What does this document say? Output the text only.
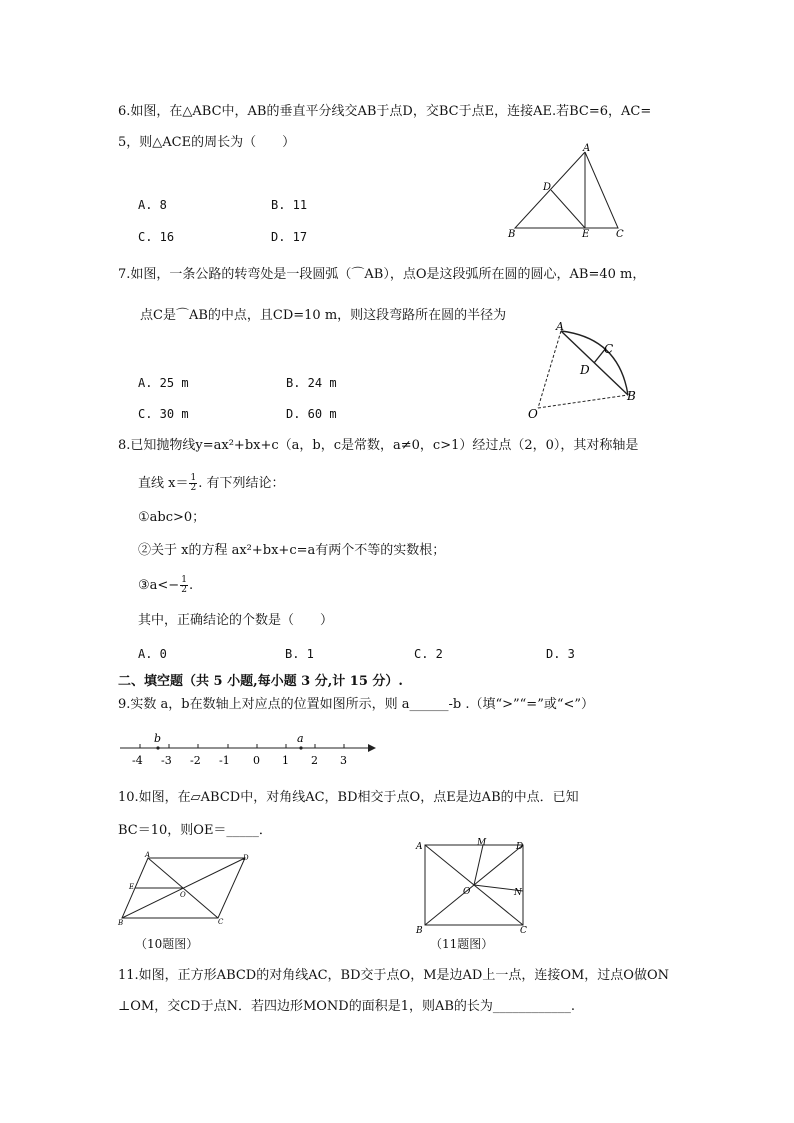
6.如图，在△ABC中，AB的垂直平分线交AB于点D，交BC于点E，连接AE.若BC=6，AC=
5，则△ACE的周长为（　　）
A. 8	B. 11
C. 16	D. 17
A
B	C
D
E
7.如图，一条公路的转弯处是一段圆弧（⌒AB），点O是这段弧所在圆的圆心，AB=40 m，
点C是⌒AB的中点，且CD=10 m，则这段弯路所在圆的半径为
A. 25 m	B. 24 m
C. 30 m	D. 60 m
A
C
D
B
O
8.已知抛物线y=ax²+bx+c（a，b，c是常数，a≠0，c>1）经过点（2，0），其对称轴是
直线 $x= \frac{1}{2}$ . 有下列结论：
①abc>0；
②关于 x的方程 ax²+bx+c=a有两个不等的实数根；
③a<− $\frac{1}{2}$ .
其中，正确结论的个数是（　　）
A. 0	B. 1	C. 2	D. 3
二、填空题（共 5 小题,每小题 3 分,计 15 分）.
9.实数 a，b在数轴上对应点的位置如图所示，则 a______-b .（填“>”“=”或“<”）
b	a
-4 -3 -2 -1 0 1 2 3
10.如图，在▱ABCD中，对角线AC，BD相交于点O，点E是边AB的中点．已知
BC＝10，则OE＝_____．
A	D
E
O
B	C
（10题图）
A	M	D
N
O
B	C
（11题图）
11.如图，正方形ABCD的对角线AC，BD交于点O，M是边AD上一点，连接OM，过点O做ON
⊥OM，交CD于点N．若四边形MOND的面积是1，则AB的长为____________.
